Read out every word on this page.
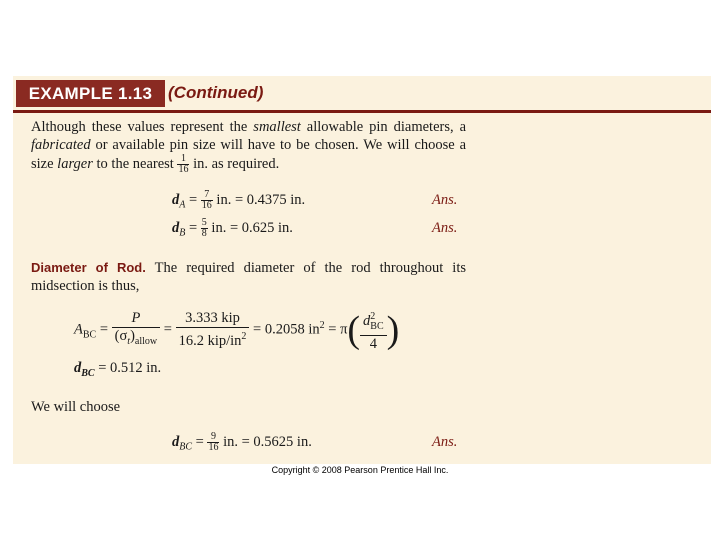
EXAMPLE 1.13 (Continued)
Although these values represent the smallest allowable pin diameters, a fabricated or available pin size will have to be chosen. We will choose a size larger to the nearest $\frac{1}{16}$ in. as required.
$d_A = \frac{7}{16}$ in. = 0.4375 in.	Ans.
$d_B = \frac{5}{8}$ in. = 0.625 in.	Ans.
Diameter of Rod. The required diameter of the rod throughout its midsection is thus,
$A_{BC}$ =
P
$(\sigma_t)_{allow}$
=
3.333 kip
16.2 kip/$in^2 = 0.2058$ $in^2 = \pi( \frac{d^2_{BC}}{4}$ )
$d_{BC} = 0.512$ in.
We will choose
$d_{BC} = \frac{9}{16}$ in. = 0.5625 in.	Ans.
Copyright © 2008 Pearson Prentice Hall Inc.
